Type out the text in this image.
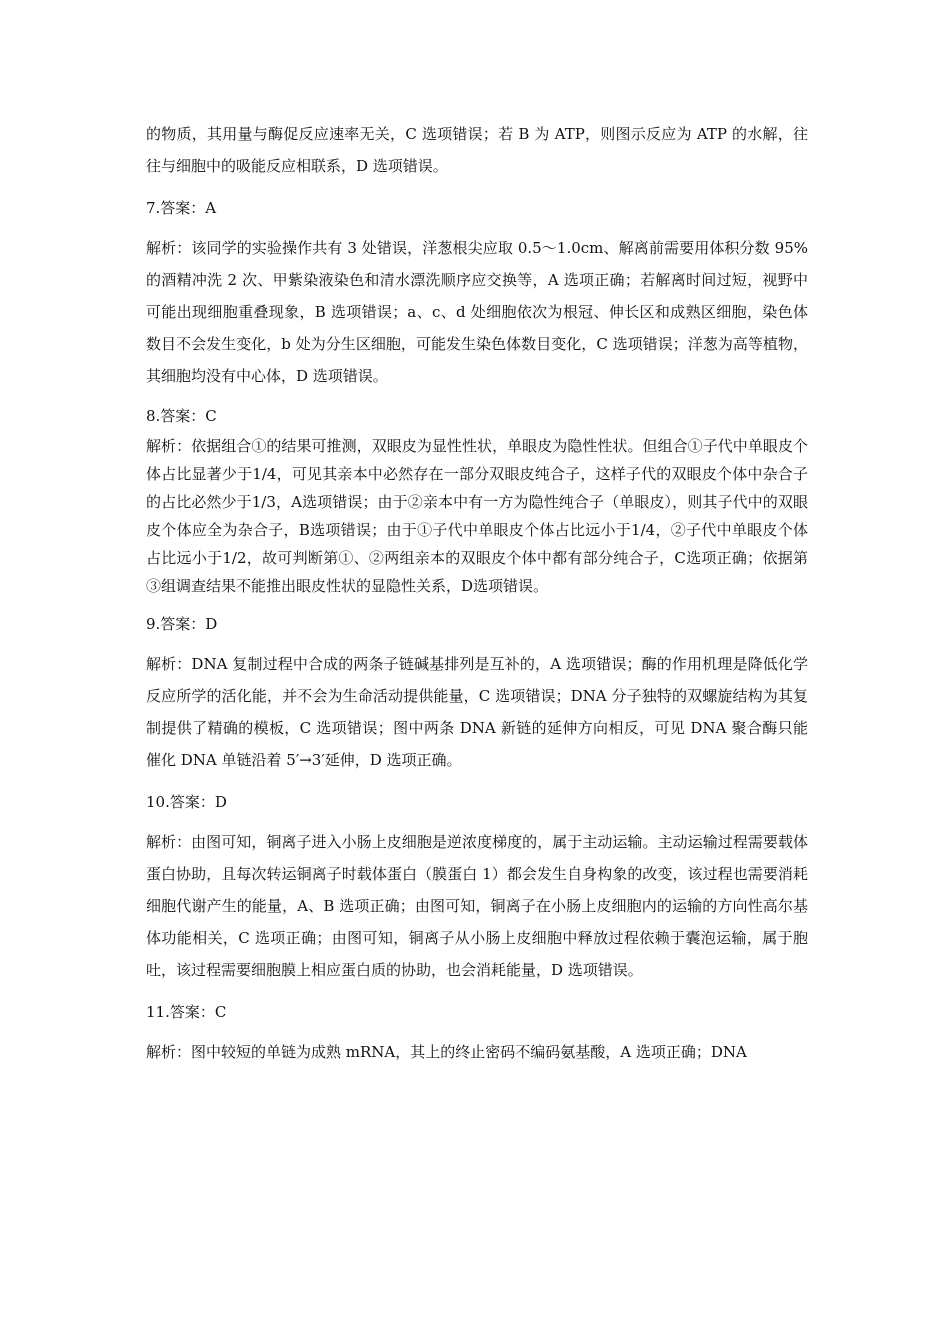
的物质，其用量与酶促反应速率无关，C 选项错误；若 B 为 ATP，则图示反应为 ATP 的水解，往往与细胞中的吸能反应相联系，D 选项错误。

7.答案：A

解析：该同学的实验操作共有 3 处错误，洋葱根尖应取 0.5～1.0cm、解离前需要用体积分数 95%的酒精冲洗 2 次、甲紫染液染色和清水漂洗顺序应交换等，A 选项正确；若解离时间过短，视野中可能出现细胞重叠现象，B 选项错误；a、c、d 处细胞依次为根冠、伸长区和成熟区细胞，染色体数目不会发生变化，b 处为分生区细胞，可能发生染色体数目变化，C 选项错误；洋葱为高等植物，其细胞均没有中心体，D 选项错误。

8.答案：C

解析：依据组合①的结果可推测，双眼皮为显性性状，单眼皮为隐性性状。但组合①子代中单眼皮个体占比显著少于1/4，可见其亲本中必然存在一部分双眼皮纯合子，这样子代的双眼皮个体中杂合子的占比必然少于1/3，A选项错误；由于②亲本中有一方为隐性纯合子（单眼皮），则其子代中的双眼皮个体应全为杂合子，B选项错误；由于①子代中单眼皮个体占比远小于1/4，②子代中单眼皮个体占比远小于1/2，故可判断第①、②两组亲本的双眼皮个体中都有部分纯合子，C选项正确；依据第③组调查结果不能推出眼皮性状的显隐性关系，D选项错误。

9.答案：D

解析：DNA 复制过程中合成的两条子链碱基排列是互补的，A 选项错误；酶的作用机理是降低化学反应所学的活化能，并不会为生命活动提供能量，C 选项错误；DNA 分子独特的双螺旋结构为其复制提供了精确的模板，C 选项错误；图中两条 DNA 新链的延伸方向相反，可见 DNA 聚合酶只能催化 DNA 单链沿着 5′→3′延伸，D 选项正确。

10.答案：D

解析：由图可知，铜离子进入小肠上皮细胞是逆浓度梯度的，属于主动运输。主动运输过程需要载体蛋白协助，且每次转运铜离子时载体蛋白（膜蛋白 1）都会发生自身构象的改变，该过程也需要消耗细胞代谢产生的能量，A、B 选项正确；由图可知，铜离子在小肠上皮细胞内的运输的方向性高尔基体功能相关，C 选项正确；由图可知，铜离子从小肠上皮细胞中释放过程依赖于囊泡运输，属于胞吐，该过程需要细胞膜上相应蛋白质的协助，也会消耗能量，D 选项错误。

11.答案：C

解析：图中较短的单链为成熟 mRNA，其上的终止密码不编码氨基酸，A 选项正确；DNA
